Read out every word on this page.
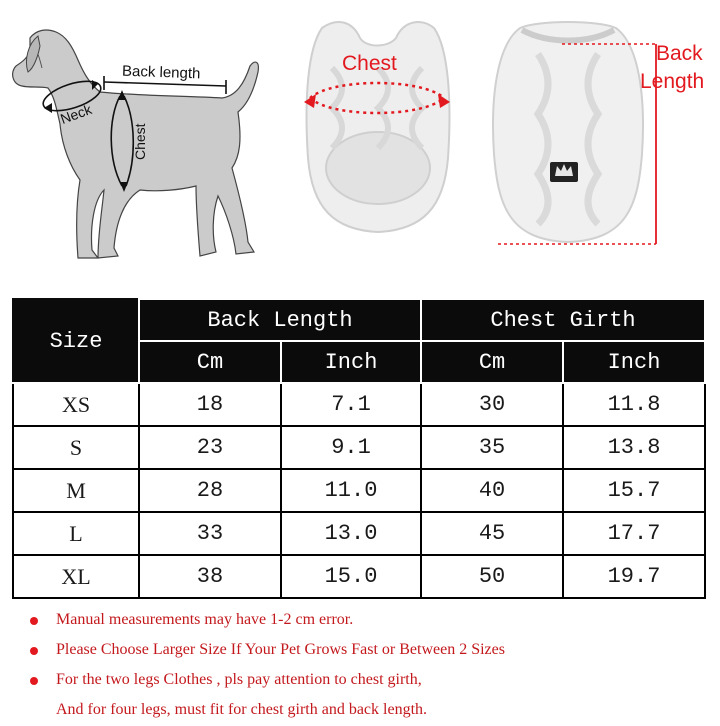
Back length
Neck
Chest
Chest	Back
Length
Size	Back Length		Chest Girth	
	Cm	Inch	Cm	Inch
XS	18	7.1	30	11.8
S	23	9.1	35	13.8
M	28	11.0	40	15.7
L	33	13.0	45	17.7
XL	38	15.0	50	19.7
Manual measurements may have 1-2 cm error.
Please Choose Larger Size If Your Pet Grows Fast or Between 2 Sizes
For the two legs Clothes , pls pay attention to chest girth,
And for four legs, must fit for chest girth and back length.
